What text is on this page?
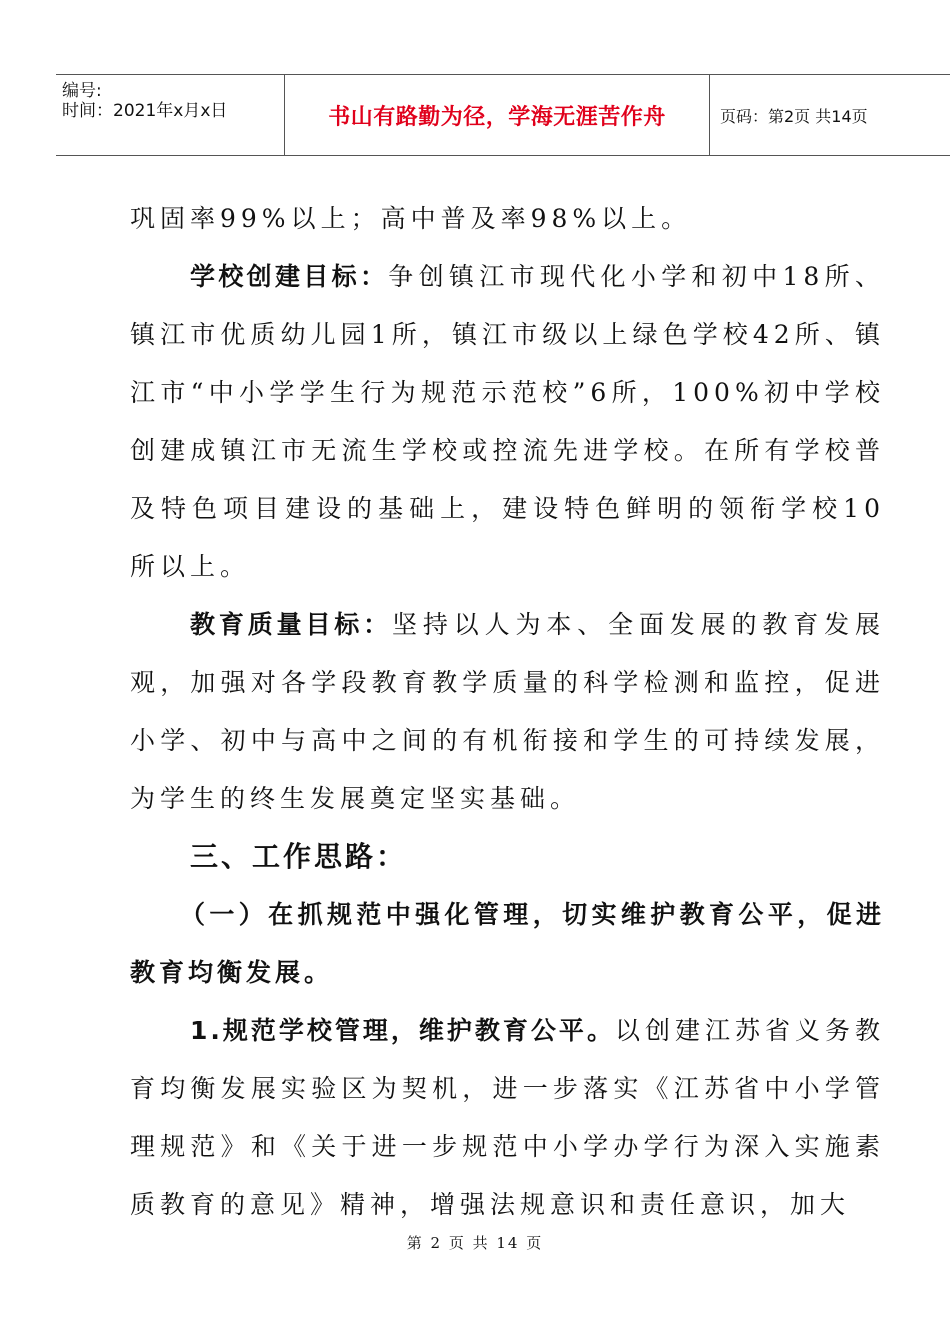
编号:
时间：2021年x月x日	书山有路勤为径，学海无涯苦作舟	页码：第2页 共14页

巩固率99%以上；高中普及率98%以上。

学校创建目标：争创镇江市现代化小学和初中18所、镇江市优质幼儿园1所，镇江市级以上绿色学校42所、镇江市“中小学学生行为规范示范校”6所，100%初中学校创建成镇江市无流生学校或控流先进学校。在所有学校普及特色项目建设的基础上，建设特色鲜明的领衔学校10所以上。

教育质量目标：坚持以人为本、全面发展的教育发展观，加强对各学段教育教学质量的科学检测和监控，促进小学、初中与高中之间的有机衔接和学生的可持续发展，为学生的终生发展奠定坚实基础。

三、工作思路：

（一）在抓规范中强化管理，切实维护教育公平，促进教育均衡发展。

1.规范学校管理，维护教育公平。以创建江苏省义务教育均衡发展实验区为契机，进一步落实《江苏省中小学管理规范》和《关于进一步规范中小学办学行为深入实施素质教育的意见》精神，增强法规意识和责任意识，加大

第 2 页 共 14 页
